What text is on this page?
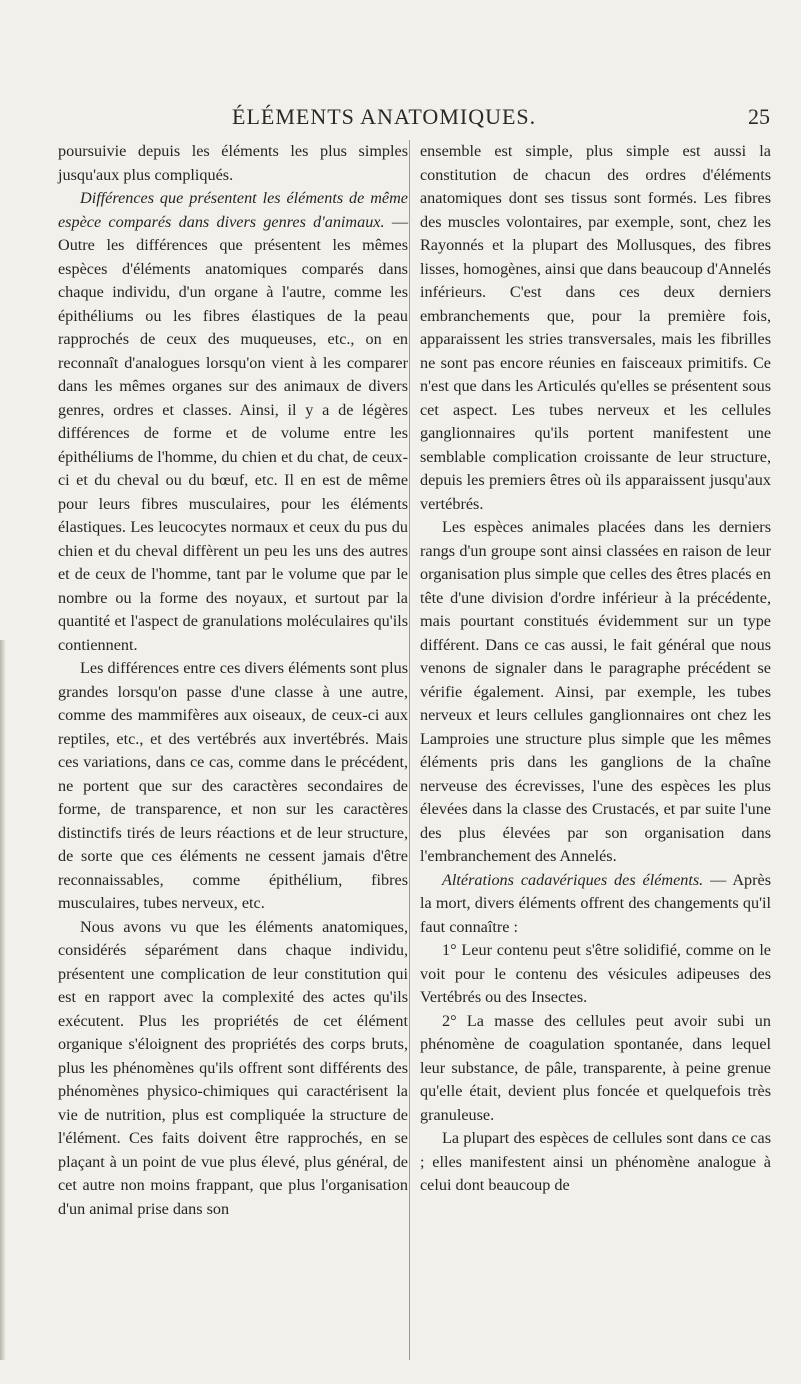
ÉLÉMENTS ANATOMIQUES.	25

poursuivie depuis les éléments les plus simples jusqu'aux plus compliqués.

Différences que présentent les éléments de même espèce comparés dans divers genres d'animaux. — Outre les différences que présentent les mêmes espèces d'éléments anatomiques comparés dans chaque individu, d'un organe à l'autre, comme les épithéliums ou les fibres élastiques de la peau rapprochés de ceux des muqueuses, etc., on en reconnaît d'analogues lorsqu'on vient à les comparer dans les mêmes organes sur des animaux de divers genres, ordres et classes. Ainsi, il y a de légères différences de forme et de volume entre les épithéliums de l'homme, du chien et du chat, de ceux-ci et du cheval ou du bœuf, etc. Il en est de même pour leurs fibres musculaires, pour les éléments élastiques. Les leucocytes normaux et ceux du pus du chien et du cheval diffèrent un peu les uns des autres et de ceux de l'homme, tant par le volume que par le nombre ou la forme des noyaux, et surtout par la quantité et l'aspect de granulations moléculaires qu'ils contiennent.

Les différences entre ces divers éléments sont plus grandes lorsqu'on passe d'une classe à une autre, comme des mammifères aux oiseaux, de ceux-ci aux reptiles, etc., et des vertébrés aux invertébrés. Mais ces variations, dans ce cas, comme dans le précédent, ne portent que sur des caractères secondaires de forme, de transparence, et non sur les caractères distinctifs tirés de leurs réactions et de leur structure, de sorte que ces éléments ne cessent jamais d'être reconnaissables, comme épithélium, fibres musculaires, tubes nerveux, etc.

Nous avons vu que les éléments anatomiques, considérés séparément dans chaque individu, présentent une complication de leur constitution qui est en rapport avec la complexité des actes qu'ils exécutent. Plus les propriétés de cet élément organique s'éloignent des propriétés des corps bruts, plus les phénomènes qu'ils offrent sont différents des phénomènes physico-chimiques qui caractérisent la vie de nutrition, plus est compliquée la structure de l'élément. Ces faits doivent être rapprochés, en se plaçant à un point de vue plus élevé, plus général, de cet autre non moins frappant, que plus l'organisation d'un animal prise dans son

ensemble est simple, plus simple est aussi la constitution de chacun des ordres d'éléments anatomiques dont ses tissus sont formés. Les fibres des muscles volontaires, par exemple, sont, chez les Rayonnés et la plupart des Mollusques, des fibres lisses, homogènes, ainsi que dans beaucoup d'Annelés inférieurs. C'est dans ces deux derniers embranchements que, pour la première fois, apparaissent les stries transversales, mais les fibrilles ne sont pas encore réunies en faisceaux primitifs. Ce n'est que dans les Articulés qu'elles se présentent sous cet aspect. Les tubes nerveux et les cellules ganglionnaires qu'ils portent manifestent une semblable complication croissante de leur structure, depuis les premiers êtres où ils apparaissent jusqu'aux vertébrés.

Les espèces animales placées dans les derniers rangs d'un groupe sont ainsi classées en raison de leur organisation plus simple que celles des êtres placés en tête d'une division d'ordre inférieur à la précédente, mais pourtant constitués évidemment sur un type différent. Dans ce cas aussi, le fait général que nous venons de signaler dans le paragraphe précédent se vérifie également. Ainsi, par exemple, les tubes nerveux et leurs cellules ganglionnaires ont chez les Lamproies une structure plus simple que les mêmes éléments pris dans les ganglions de la chaîne nerveuse des écrevisses, l'une des espèces les plus élevées dans la classe des Crustacés, et par suite l'une des plus élevées par son organisation dans l'embranchement des Annelés.

Altérations cadavériques des éléments. — Après la mort, divers éléments offrent des changements qu'il faut connaître :

1° Leur contenu peut s'être solidifié, comme on le voit pour le contenu des vésicules adipeuses des Vertébrés ou des Insectes.

2° La masse des cellules peut avoir subi un phénomène de coagulation spontanée, dans lequel leur substance, de pâle, transparente, à peine grenue qu'elle était, devient plus foncée et quelquefois très granuleuse.

La plupart des espèces de cellules sont dans ce cas ; elles manifestent ainsi un phénomène analogue à celui dont beaucoup de
